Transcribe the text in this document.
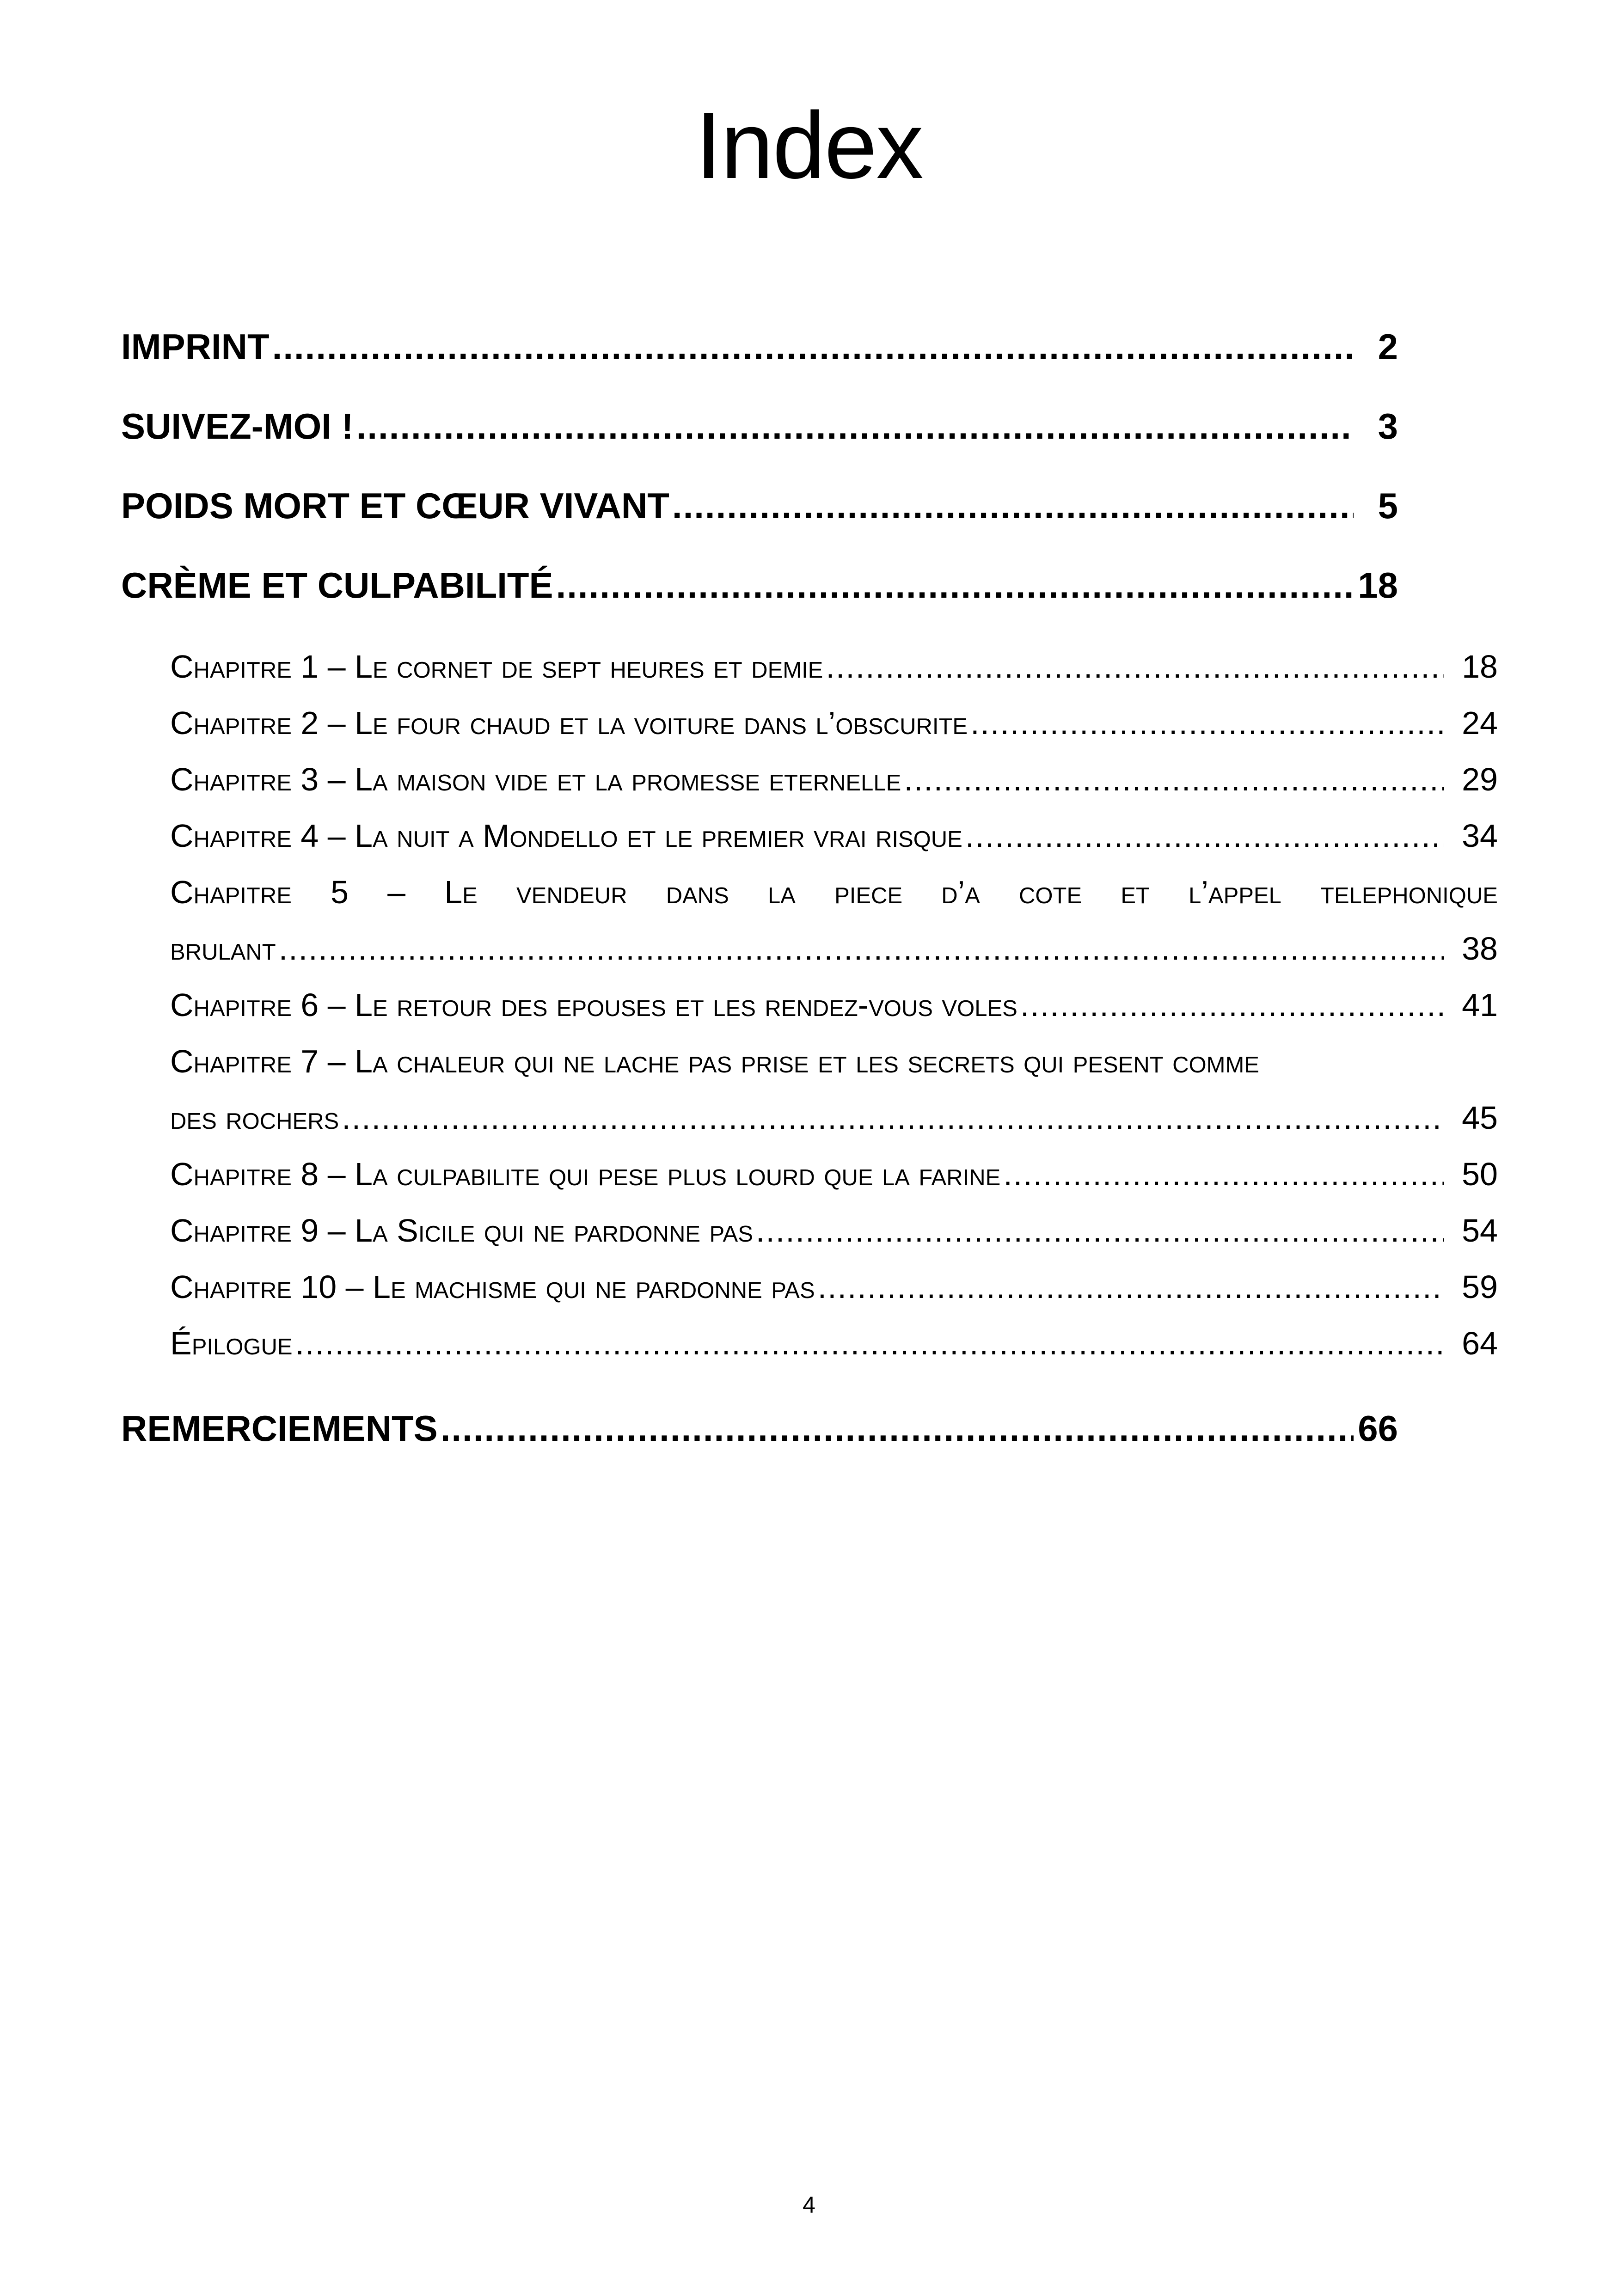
Index
IMPRINT .....	2
SUIVEZ-MOI ! .....	3
POIDS MORT ET CŒUR VIVANT .....	5
CRÈME ET CULPABILITÉ .....	18
Chapitre 1 – Le cornet de sept heures et demie .....	18
Chapitre 2 – Le four chaud et la voiture dans l’obscurite .....	24
Chapitre 3 – La maison vide et la promesse eternelle .....	29
Chapitre 4 – La nuit a Mondello et le premier vrai risque .....	34
Chapitre 5 – Le vendeur dans la piece d’a cote et l’appel telephonique
brulant .....	38
Chapitre 6 – Le retour des epouses et les rendez-vous voles .....	41
Chapitre 7 – La chaleur qui ne lache pas prise et les secrets qui pesent comme
des rochers .....	45
Chapitre 8 – La culpabilite qui pese plus lourd que la farine .....	50
Chapitre 9 – La Sicile qui ne pardonne pas .....	54
Chapitre 10 – Le machisme qui ne pardonne pas .....	59
Épilogue .....	64
REMERCIEMENTS .....	66
4
